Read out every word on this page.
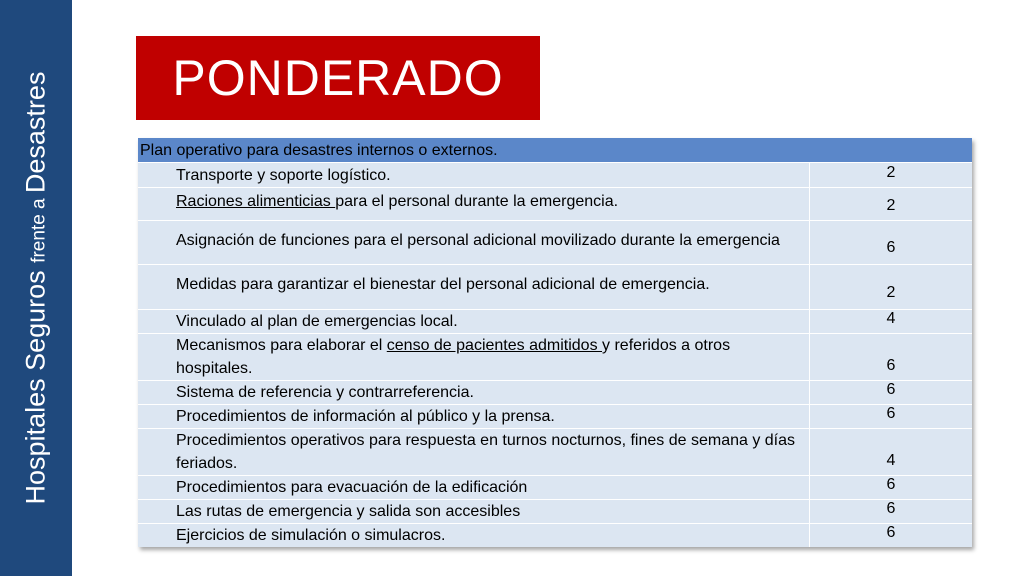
Hospitales Seguros frente a Desastres PONDERADO
Plan operativo para desastres internos o externos.
Transporte y soporte logístico.	2
Raciones alimenticias para el personal durante la emergencia.	2
Asignación de funciones para el personal adicional movilizado durante la emergencia	6
Medidas para garantizar el bienestar del personal adicional de emergencia.	2
Vinculado al plan de emergencias local.	4
Mecanismos para elaborar el censo de pacientes admitidos y referidos a otros hospitales.	6
Sistema de referencia y contrarreferencia.	6
Procedimientos de información al público y la prensa.	6
Procedimientos operativos para respuesta en turnos nocturnos, fines de semana y días feriados.	4
Procedimientos para evacuación de la edificación	6
Las rutas de emergencia y salida son accesibles	6
Ejercicios de simulación o simulacros.	6
